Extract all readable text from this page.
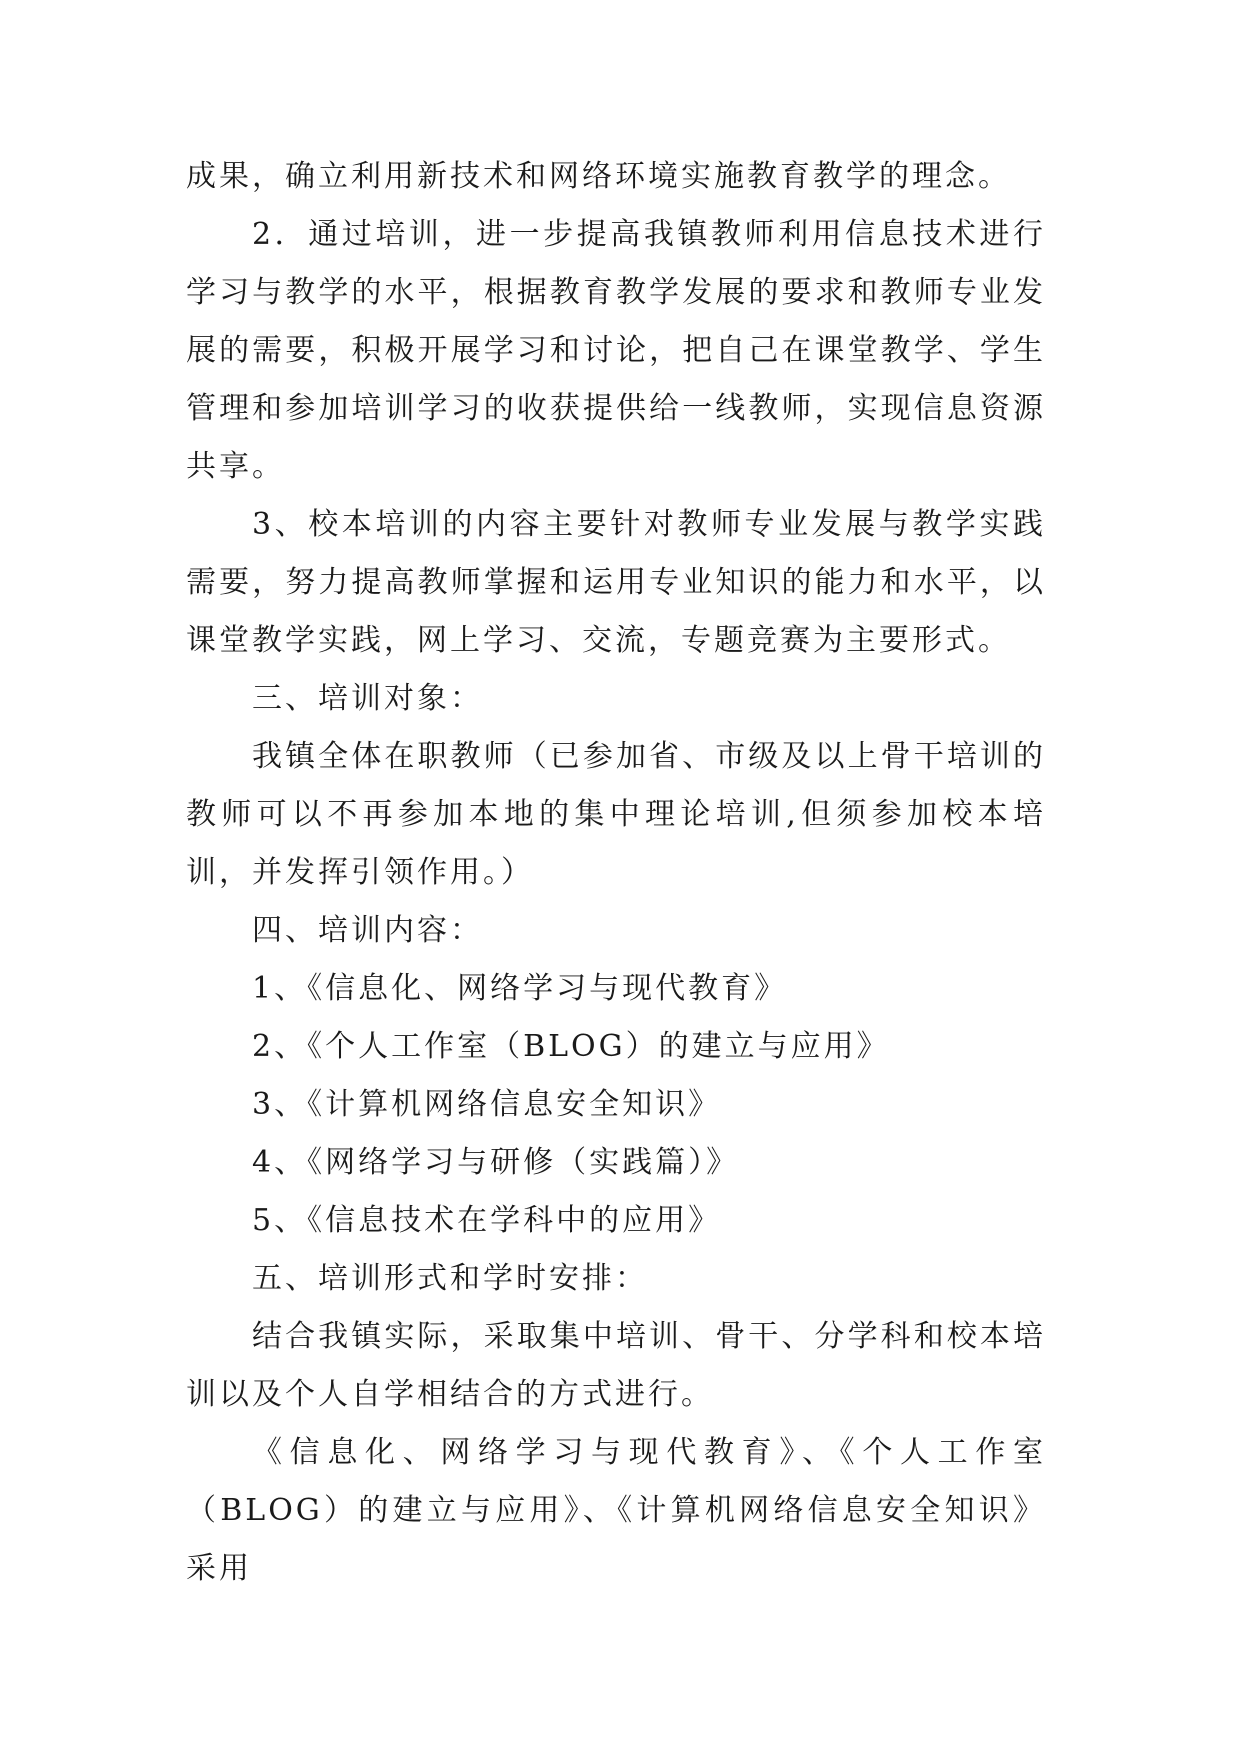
成果，确立利用新技术和网络环境实施教育教学的理念。

2．通过培训，进一步提高我镇教师利用信息技术进行学习与教学的水平，根据教育教学发展的要求和教师专业发展的需要，积极开展学习和讨论，把自己在课堂教学、学生管理和参加培训学习的收获提供给一线教师，实现信息资源共享。

3、校本培训的内容主要针对教师专业发展与教学实践需要，努力提高教师掌握和运用专业知识的能力和水平，以课堂教学实践，网上学习、交流，专题竞赛为主要形式。

三、培训对象：

我镇全体在职教师（已参加省、市级及以上骨干培训的教师可以不再参加本地的集中理论培训,但须参加校本培训，并发挥引领作用。）

四、培训内容：

1、《信息化、网络学习与现代教育》

2、《个人工作室（BLOG）的建立与应用》

3、《计算机网络信息安全知识》

4、《网络学习与研修（实践篇）》

5、《信息技术在学科中的应用》

五、培训形式和学时安排：

结合我镇实际，采取集中培训、骨干、分学科和校本培训以及个人自学相结合的方式进行。

《信息化、网络学习与现代教育》、《个人工作室（BLOG）的建立与应用》、《计算机网络信息安全知识》采用
